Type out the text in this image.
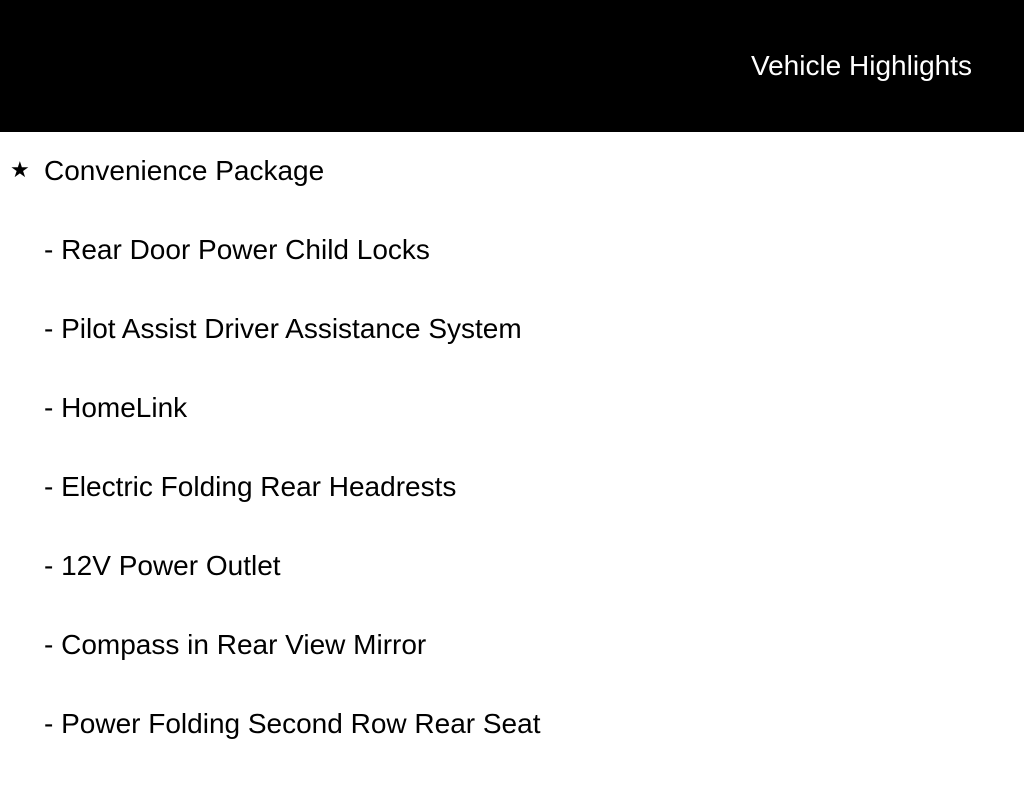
Vehicle Highlights
★ Convenience Package
- Rear Door Power Child Locks
- Pilot Assist Driver Assistance System
- HomeLink
- Electric Folding Rear Headrests
- 12V Power Outlet
- Compass in Rear View Mirror
- Power Folding Second Row Rear Seat
